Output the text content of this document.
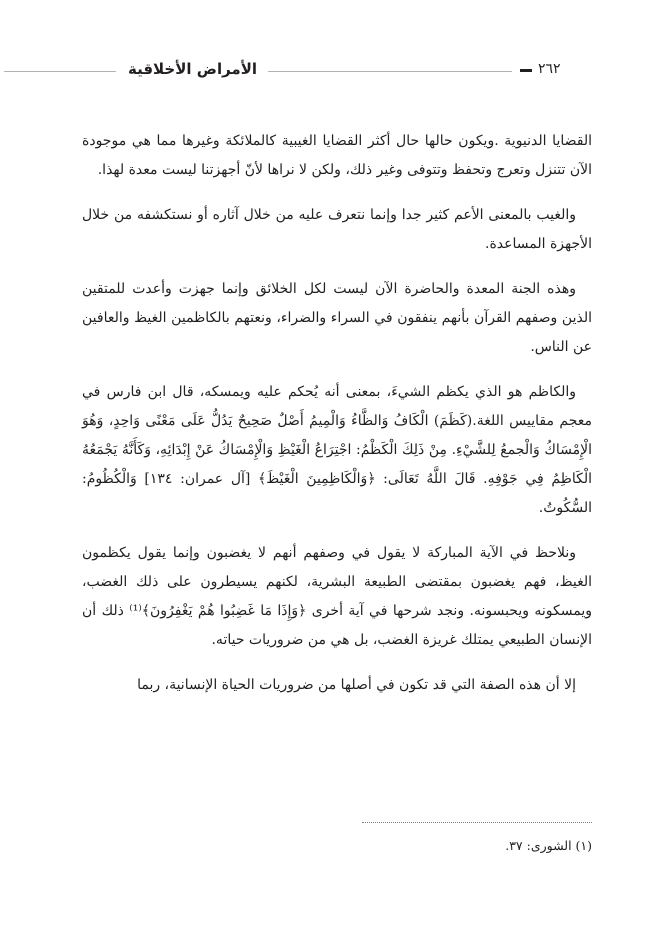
الأمراض الأخلاقية	٢٦٢

القضايا الدنيوية .ويكون حالها حال أكثر القضايا الغيبية كالملائكة وغيرها مما هي موجودة الآن تتنزل وتعرج وتحفظ وتتوفى وغير ذلك، ولكن لا نراها لأنّ أجهزتنا ليست معدة لهذا.

والغيب بالمعنى الأعم كثير جدا وإنما نتعرف عليه من خلال آثاره أو نستكشفه من خلال الأجهزة المساعدة.

وهذه الجنة المعدة والحاضرة الآن ليست لكل الخلائق وإنما جهزت وأعدت للمتقين الذين وصفهم القرآن بأنهم ينفقون في السراء والضراء، ونعتهم بالكاظمين الغيظ والعافين عن الناس.

والكاظم هو الذي يكظم الشيءَ، بمعنى أنه يُحكم عليه ويمسكه، قال ابن فارس في معجم مقاييس اللغة.(كَظَمَ) الْكَافُ وَالظَّاءُ وَالْمِيمُ أَصْلٌ صَحِيحٌ يَدُلُّ عَلَى مَعْنًى وَاحِدٍ، وَهُوَ الْإِمْسَاكُ وَالْجمعُ لِلشَّيْءِ. مِنْ ذَلِكَ الْكَظْمُ: اجْتِرَاعُ الْغَيْظِ وَالْإِمْسَاكُ عَنْ إِبْدَائِهِ، وَكَأَنَّهُ يَجْمَعُهُ الْكَاظِمُ فِي جَوْفِهِ. قَالَ اللَّهُ تَعَالَى: ﴿وَالْكَاظِمِينَ الْغَيْظَ﴾ [آل عمران: ١٣٤] وَالْكُظُومُ: السُّكُوتُ.

ونلاحظ في الآية المباركة لا يقول في وصفهم أنهم لا يغضبون وإنما يقول يكظمون الغيظ، فهم يغضبون بمقتضى الطبيعة البشرية، لكنهم يسيطرون على ذلك الغضب، ويمسكونه ويحبسونه. ونجد شرحها في آية أخرى ﴿وَإِذَا مَا غَضِبُوا هُمْ يَغْفِرُونَ﴾⁽¹⁾ ذلك أن الإنسان الطبيعي يمتلك غريزة الغضب، بل هي من ضروريات حياته.

إلا أن هذه الصفة التي قد تكون في أصلها من ضروريات الحياة الإنسانية، ربما

(١) الشورى: ٣٧.
